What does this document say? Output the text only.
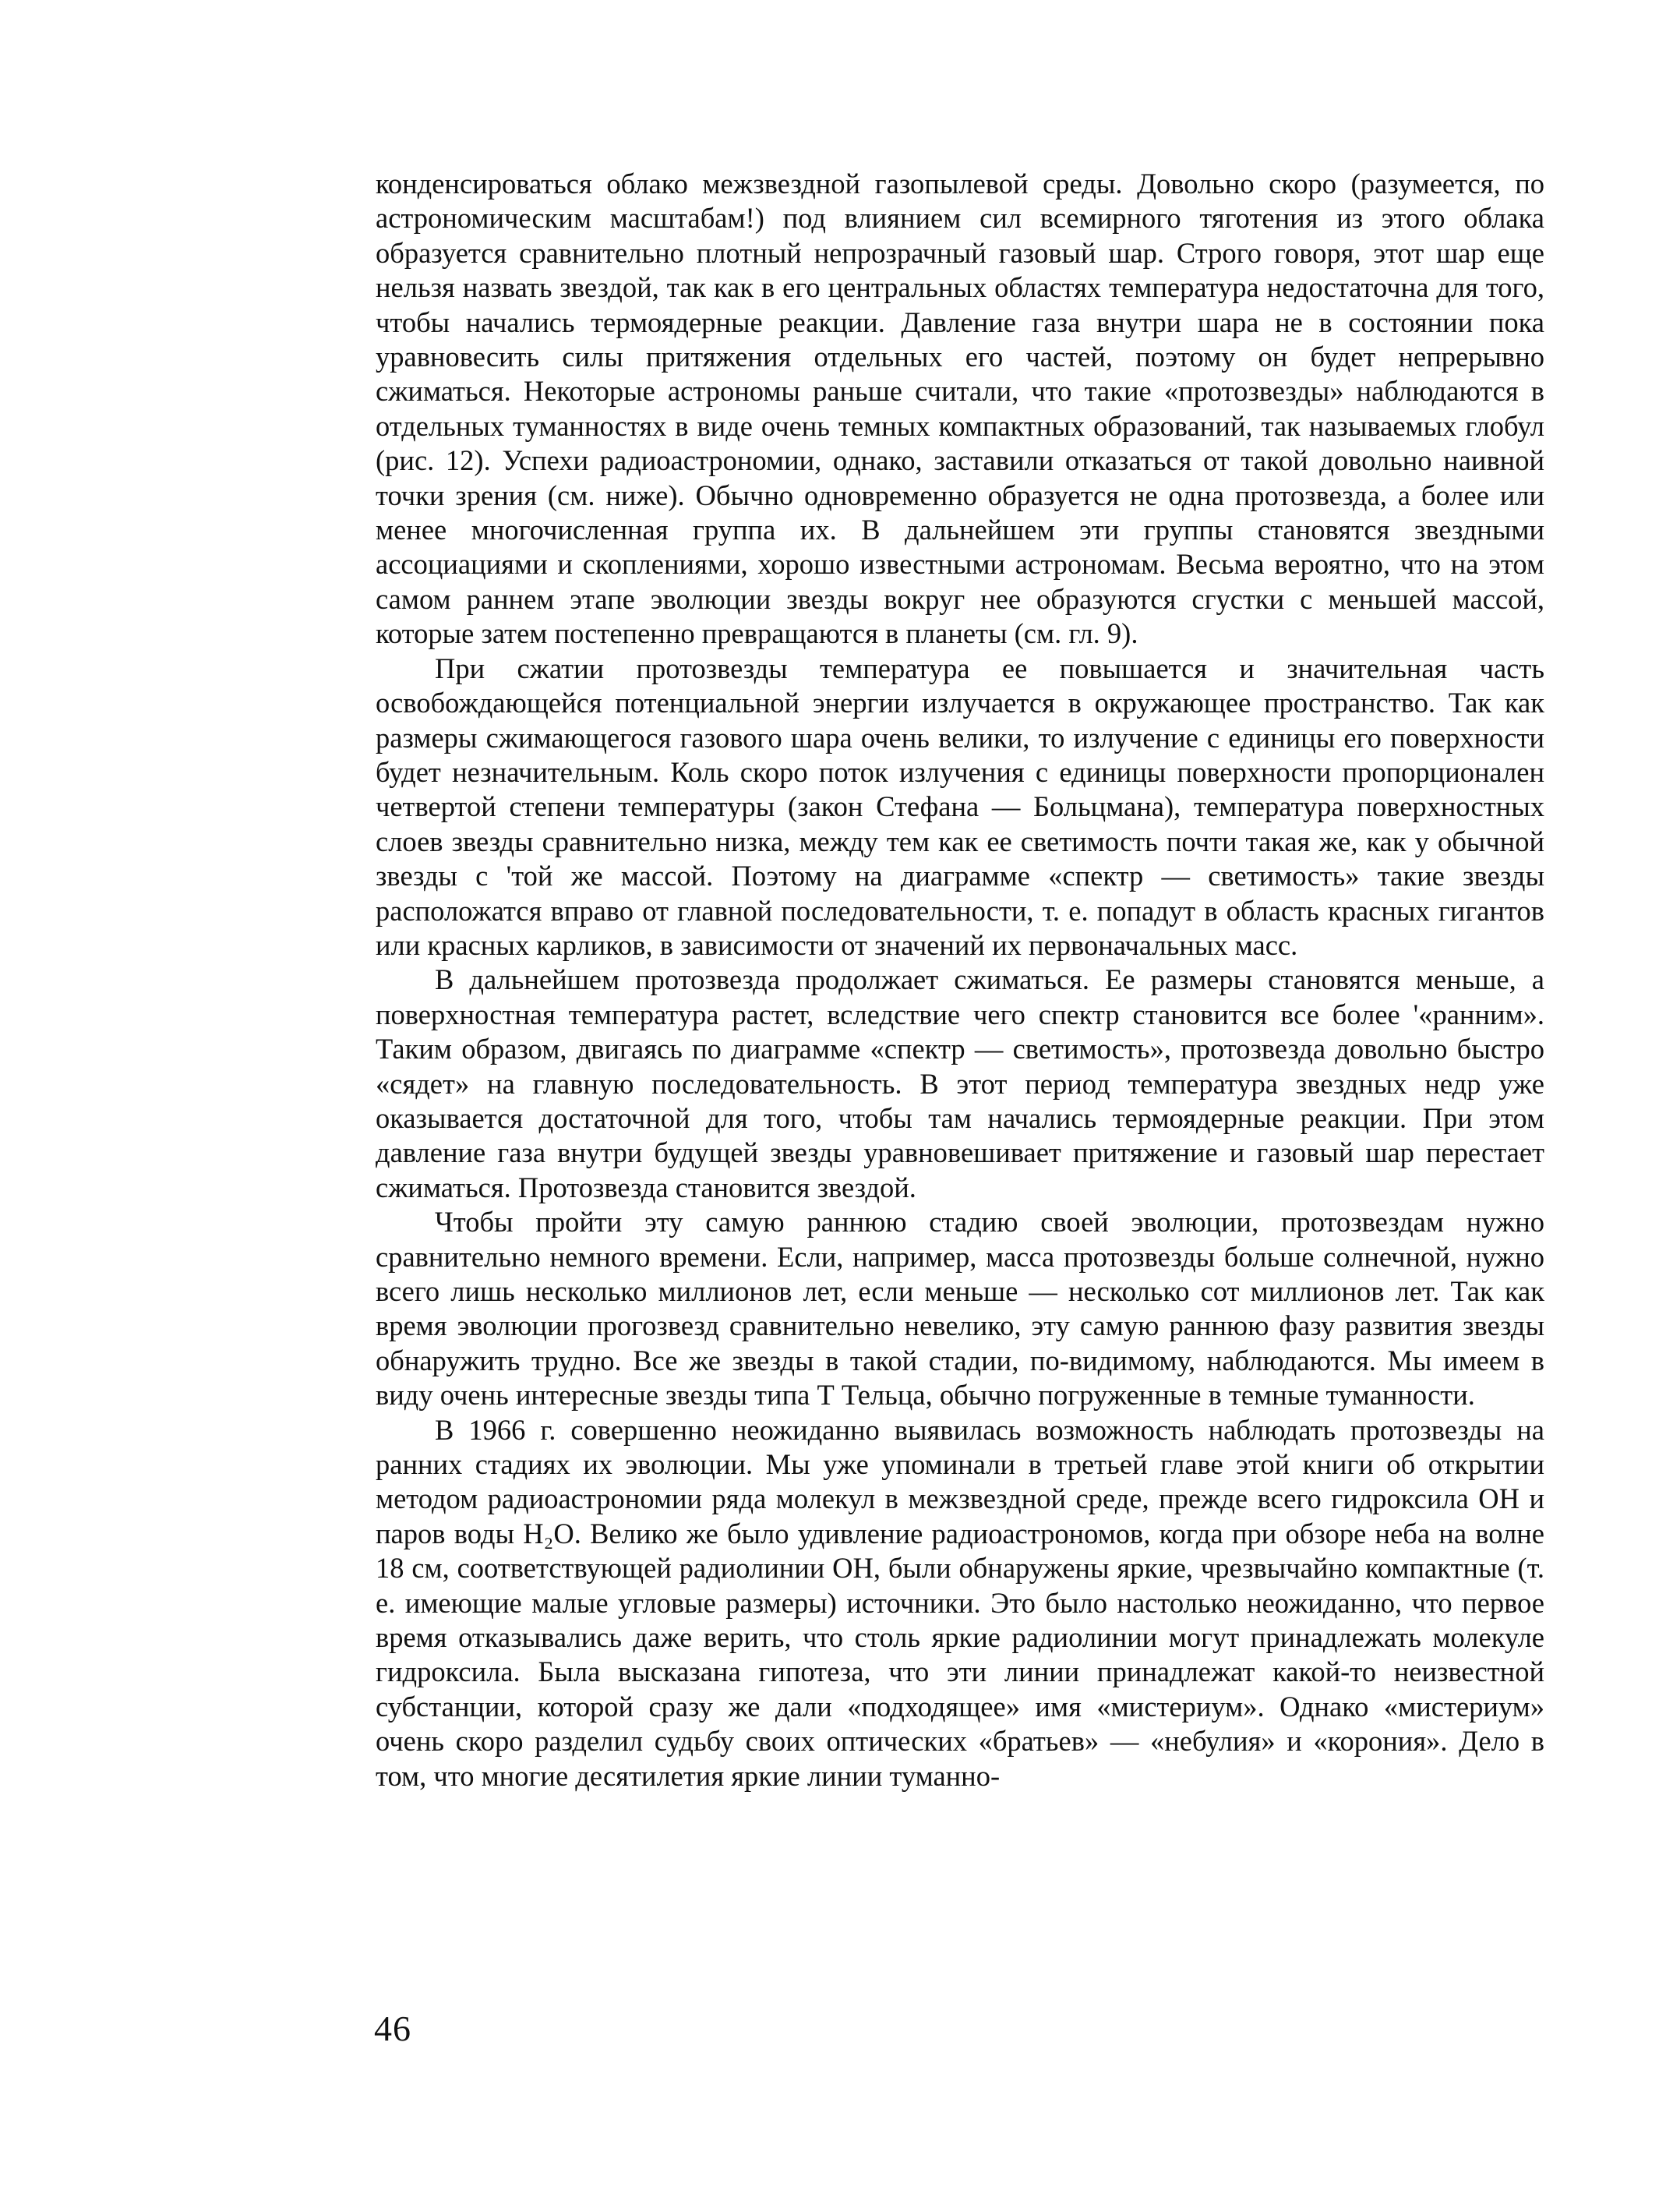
конденсироваться облако межзвездной газопылевой среды. Довольно скоро (разумеется, по астрономическим масштабам!) под влиянием сил всемирного тяготения из этого облака образуется сравнительно плотный непрозрачный газовый шар. Строго говоря, этот шар еще нельзя назвать звездой, так как в его центральных областях температура недостаточна для того, чтобы начались термоядерные реакции. Давление газа внутри шара не в состоянии пока уравновесить силы притяжения отдельных его частей, поэтому он будет непрерывно сжиматься. Некоторые астрономы раньше считали, что такие «протозвезды» наблюдаются в отдельных туманностях в виде очень темных компактных образований, так называемых глобул (рис. 12). Успехи радиоастрономии, однако, заставили отказаться от такой довольно наивной точки зрения (см. ниже). Обычно одновременно образуется не одна протозвезда, а более или менее многочисленная группа их. В дальнейшем эти группы становятся звездными ассоциациями и скоплениями, хорошо известными астрономам. Весьма вероятно, что на этом самом раннем этапе эволюции звезды вокруг нее образуются сгустки с меньшей массой, которые затем постепенно превращаются в планеты (см. гл. 9).

При сжатии протозвезды температура ее повышается и значительная часть освобождающейся потенциальной энергии излучается в окружающее пространство. Так как размеры сжимающегося газового шара очень велики, то излучение с единицы его поверхности будет незначительным. Коль скоро поток излучения с единицы поверхности пропорционален четвертой степени температуры (закон Стефана — Больцмана), температура поверхностных слоев звезды сравнительно низка, между тем как ее светимость почти такая же, как у обычной звезды с 'той же массой. Поэтому на диаграмме «спектр — светимость» такие звезды расположатся вправо от главной последовательности, т. е. попадут в область красных гигантов или красных карликов, в зависимости от значений их первоначальных масс.

В дальнейшем протозвезда продолжает сжиматься. Ее размеры становятся меньше, а поверхностная температура растет, вследствие чего спектр становится все более '«ранним». Таким образом, двигаясь по диаграмме «спектр — светимость», протозвезда довольно быстро «сядет» на главную последовательность. В этот период температура звездных недр уже оказывается достаточной для того, чтобы там начались термоядерные реакции. При этом давление газа внутри будущей звезды уравновешивает притяжение и газовый шар перестает сжиматься. Протозвезда становится звездой.

Чтобы пройти эту самую раннюю стадию своей эволюции, протозвездам нужно сравнительно немного времени. Если, например, масса протозвезды больше солнечной, нужно всего лишь несколько миллионов лет, если меньше — несколько сот миллионов лет. Так как время эволюции прогозвезд сравнительно невелико, эту самую раннюю фазу развития звезды обнаружить трудно. Все же звезды в такой стадии, по-видимому, наблюдаются. Мы имеем в виду очень интересные звезды типа Т Тельца, обычно погруженные в темные туманности.

В 1966 г. совершенно неожиданно выявилась возможность наблюдать протозвезды на ранних стадиях их эволюции. Мы уже упоминали в третьей главе этой книги об открытии методом радиоастрономии ряда молекул в межзвездной среде, прежде всего гидроксила ОН и паров воды H₂O. Велико же было удивление радиоастрономов, когда при обзоре неба на волне 18 см, соответствующей радиолинии ОН, были обнаружены яркие, чрезвычайно компактные (т. е. имеющие малые угловые размеры) источники. Это было настолько неожиданно, что первое время отказывались даже верить, что столь яркие радиолинии могут принадлежать молекуле гидроксила. Была высказана гипотеза, что эти линии принадлежат какой-то неизвестной субстанции, которой сразу же дали «подходящее» имя «мистериум». Однако «мистериум» очень скоро разделил судьбу своих оптических «братьев» — «небулия» и «корония». Дело в том, что многие десятилетия яркие линии туманно-

46
